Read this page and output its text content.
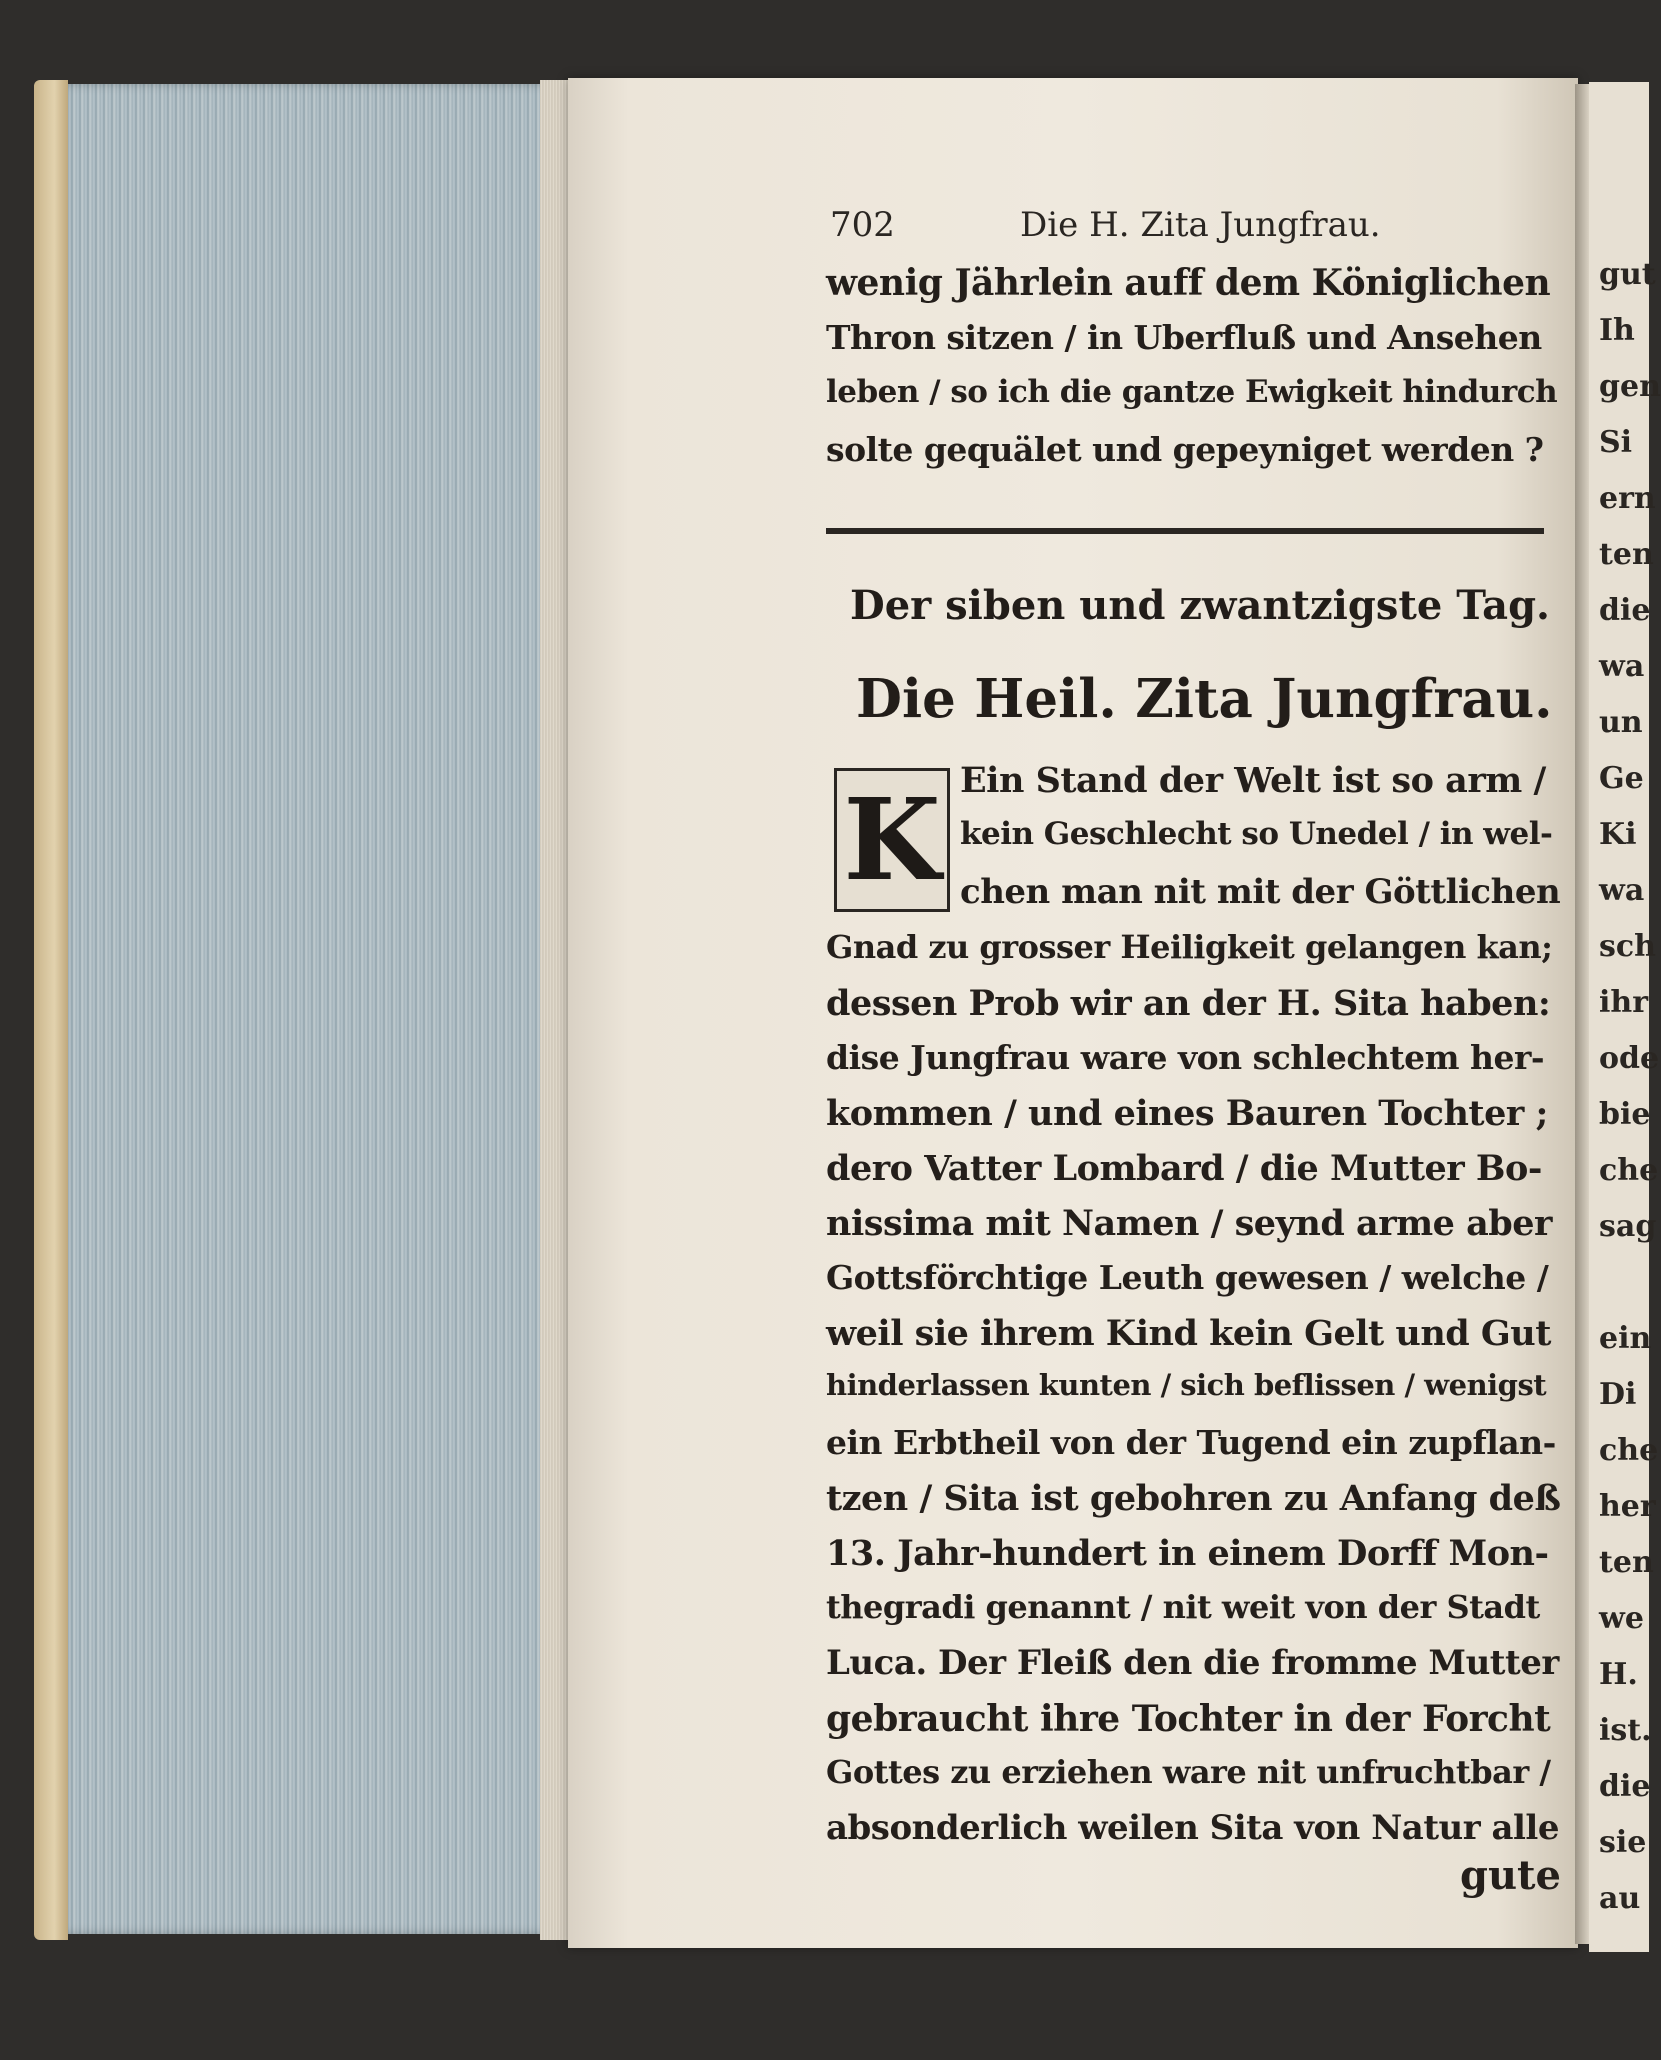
gut
Ih
gen
Si
ern
ten
die
wa
un
Ge
Ki
wa
sch
ihr
ode
bie
che
sag
ein
Di
che
her
ten
we
H.
ist.
die
sie
au
702	Die H. Zita Jungfrau.
wenig Jährlein auff dem Königlichen
Thron sitzen / in Uberfluß und Ansehen
leben / so ich die gantze Ewigkeit hindurch
solte gequälet und gepeyniget werden ?
Der siben und zwantzigste Tag.
Die Heil. Zita Jungfrau.
K Ein Stand der Welt ist so arm /
kein Geschlecht so Unedel / in wel-
chen man nit mit der Göttlichen
Gnad zu grosser Heiligkeit gelangen kan;
dessen Prob wir an der H. Sita haben:
dise Jungfrau ware von schlechtem her-
kommen / und eines Bauren Tochter ;
dero Vatter Lombard / die Mutter Bo-
nissima mit Namen / seynd arme aber
Gottsförchtige Leuth gewesen / welche /
weil sie ihrem Kind kein Gelt und Gut
hinderlassen kunten / sich beflissen / wenigst
ein Erbtheil von der Tugend ein zupflan-
tzen / Sita ist gebohren zu Anfang deß
13. Jahr-hundert in einem Dorff Mon-
thegradi genannt / nit weit von der Stadt
Luca. Der Fleiß den die fromme Mutter
gebraucht ihre Tochter in der Forcht
Gottes zu erziehen ware nit unfruchtbar /
absonderlich weilen Sita von Natur alle
gute
